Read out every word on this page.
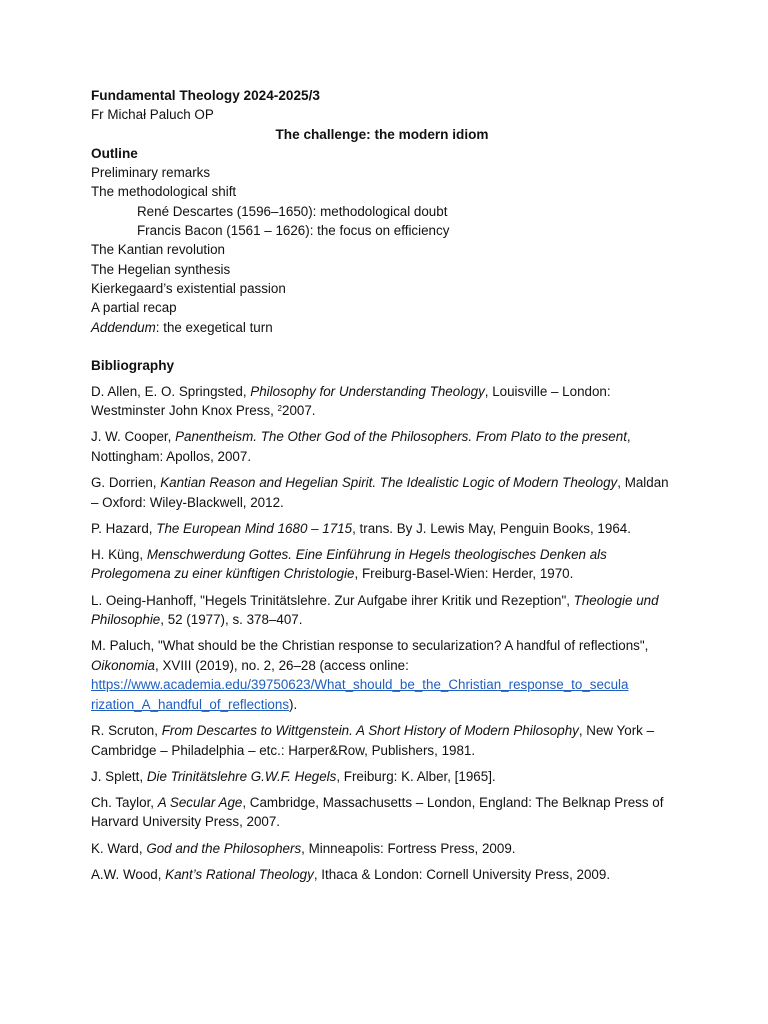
Fundamental Theology 2024-2025/3
Fr Michał Paluch OP
The challenge: the modern idiom
Outline
Preliminary remarks
The methodological shift
René Descartes (1596–1650): methodological doubt
Francis Bacon (1561 – 1626): the focus on efficiency
The Kantian revolution
The Hegelian synthesis
Kierkegaard’s existential passion
A partial recap
Addendum: the exegetical turn
Bibliography
D. Allen, E. O. Springsted, Philosophy for Understanding Theology, Louisville – London: Westminster John Knox Press, $^2$2007.
J. W. Cooper, Panentheism. The Other God of the Philosophers. From Plato to the present, Nottingham: Apollos, 2007.
G. Dorrien, Kantian Reason and Hegelian Spirit. The Idealistic Logic of Modern Theology, Maldan – Oxford: Wiley-Blackwell, 2012.
P. Hazard, The European Mind 1680 – 1715, trans. By J. Lewis May, Penguin Books, 1964.
H. Küng, Menschwerdung Gottes. Eine Einführung in Hegels theologisches Denken als Prolegomena zu einer künftigen Christologie, Freiburg-Basel-Wien: Herder, 1970.
L. Oeing-Hanhoff, "Hegels Trinitätslehre. Zur Aufgabe ihrer Kritik und Rezeption", Theologie und Philosophie, 52 (1977), s. 378–407.
M. Paluch, "What should be the Christian response to secularization? A handful of reflections", Oikonomia, XVIII (2019), no. 2, 26–28 (access online:
https://www.academia.edu/39750623/What_should_be_the_Christian_response_to_secula
rization_A_handful_of_reflections).
R. Scruton, From Descartes to Wittgenstein. A Short History of Modern Philosophy, New York – Cambridge – Philadelphia – etc.: Harper&Row, Publishers, 1981.
J. Splett, Die Trinitätslehre G.W.F. Hegels, Freiburg: K. Alber, [1965].
Ch. Taylor, A Secular Age, Cambridge, Massachusetts – London, England: The Belknap Press of Harvard University Press, 2007.
K. Ward, God and the Philosophers, Minneapolis: Fortress Press, 2009.
A.W. Wood, Kant’s Rational Theology, Ithaca & London: Cornell University Press, 2009.
